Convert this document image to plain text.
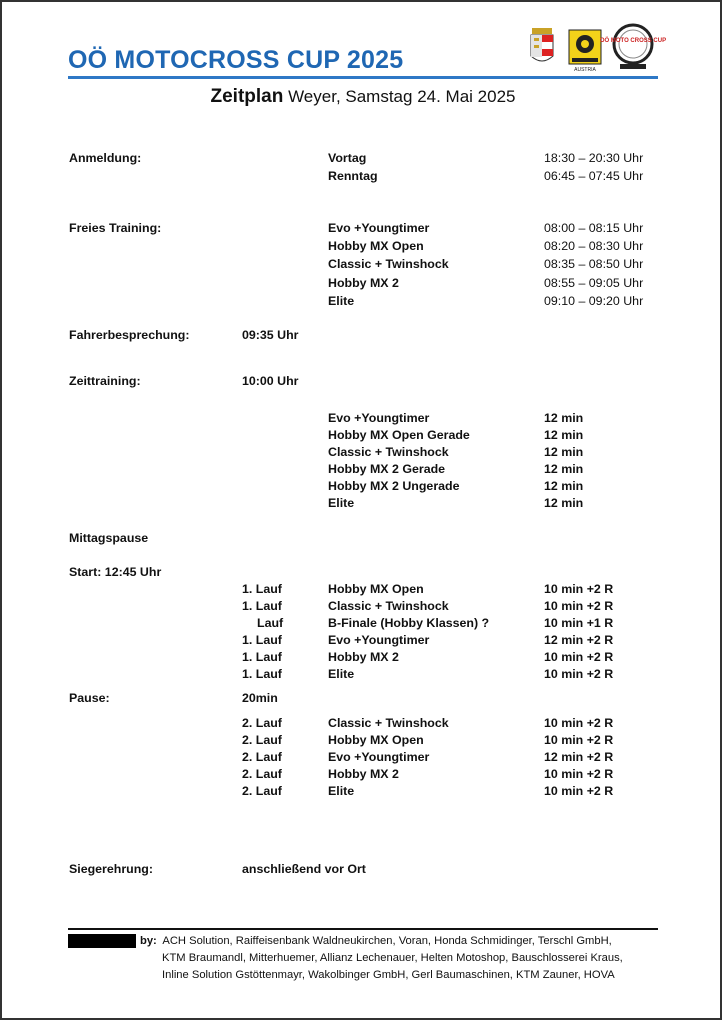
OÖ MOTOCROSS CUP 2025	AUSTRIA
OÖ MOTO CROSS CUP
Zeitplan Weyer, Samstag 24. Mai 2025
Anmeldung:	Vortag	18:30 – 20:30 Uhr
Renntag	06:45 – 07:45 Uhr
Freies Training:	Evo +Youngtimer	08:00 – 08:15 Uhr
Hobby MX Open	08:20 – 08:30 Uhr
Classic + Twinshock	08:35 – 08:50 Uhr
Hobby MX 2	08:55 – 09:05 Uhr
Elite	09:10 – 09:20 Uhr
Fahrerbesprechung:	09:35 Uhr
Zeittraining:	10:00 Uhr
Evo +Youngtimer	12 min
Hobby MX Open Gerade	12 min
Classic + Twinshock	12 min
Hobby MX 2 Gerade	12 min
Hobby MX 2 Ungerade	12 min
Elite	12 min
Mittagspause
Start: 12:45 Uhr
1. Lauf	Hobby MX Open	10 min +2 R
1. Lauf	Classic + Twinshock	10 min +2 R
Lauf	B-Finale (Hobby Klassen) ?	10 min +1 R
1. Lauf	Evo +Youngtimer	12 min +2 R
1. Lauf	Hobby MX 2	10 min +2 R
1. Lauf	Elite	10 min +2 R
Pause:	20min
2. Lauf	Classic + Twinshock	10 min +2 R
2. Lauf	Hobby MX Open	10 min +2 R
2. Lauf	Evo +Youngtimer	12 min +2 R
2. Lauf	Hobby MX 2	10 min +2 R
2. Lauf	Elite	10 min +2 R
Siegerehrung:	anschließend vor Ort
by: ACH Solution, Raiffeisenbank Waldneukirchen, Voran, Honda Schmidinger, Terschl GmbH,
KTM Braumandl, Mitterhuemer, Allianz Lechenauer, Helten Motoshop, Bauschlosserei Kraus,
Inline Solution Gstöttenmayr, Wakolbinger GmbH, Gerl Baumaschinen, KTM Zauner, HOVA
